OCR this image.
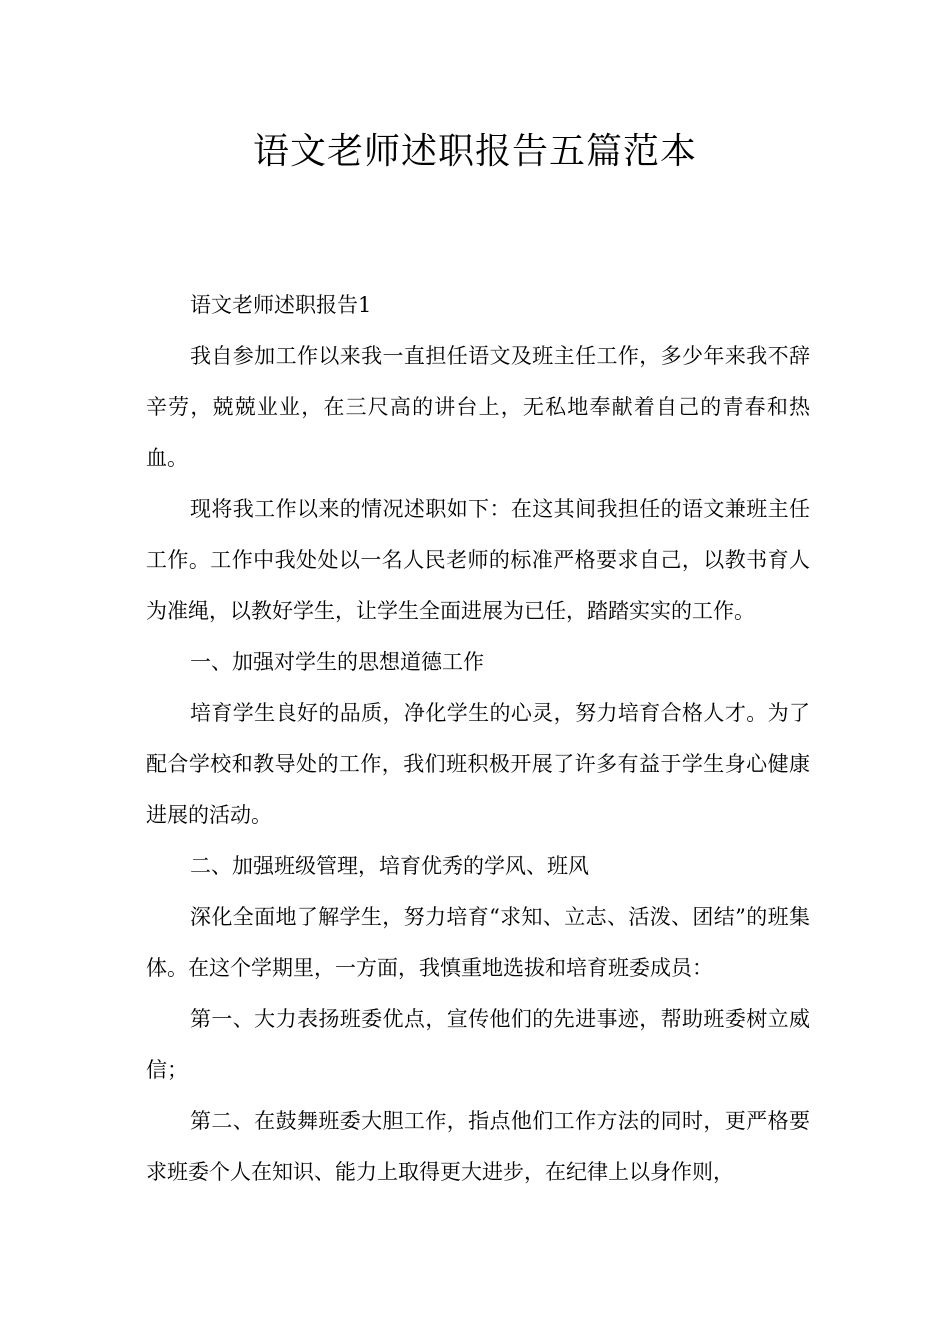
语文老师述职报告五篇范本

语文老师述职报告1

我自参加工作以来我一直担任语文及班主任工作，多少年来我不辞辛劳，兢兢业业，在三尺高的讲台上，无私地奉献着自己的青春和热血。

现将我工作以来的情况述职如下：在这其间我担任的语文兼班主任工作。工作中我处处以一名人民老师的标准严格要求自己，以教书育人为准绳，以教好学生，让学生全面进展为已任，踏踏实实的工作。

一、加强对学生的思想道德工作

培育学生良好的品质，净化学生的心灵，努力培育合格人才。为了配合学校和教导处的工作，我们班积极开展了许多有益于学生身心健康进展的活动。

二、加强班级管理，培育优秀的学风、班风

深化全面地了解学生，努力培育“求知、立志、活泼、团结”的班集体。在这个学期里，一方面，我慎重地选拔和培育班委成员：

第一、大力表扬班委优点，宣传他们的先进事迹，帮助班委树立威信；

第二、在鼓舞班委大胆工作，指点他们工作方法的同时，更严格要求班委个人在知识、能力上取得更大进步，在纪律上以身作则，
